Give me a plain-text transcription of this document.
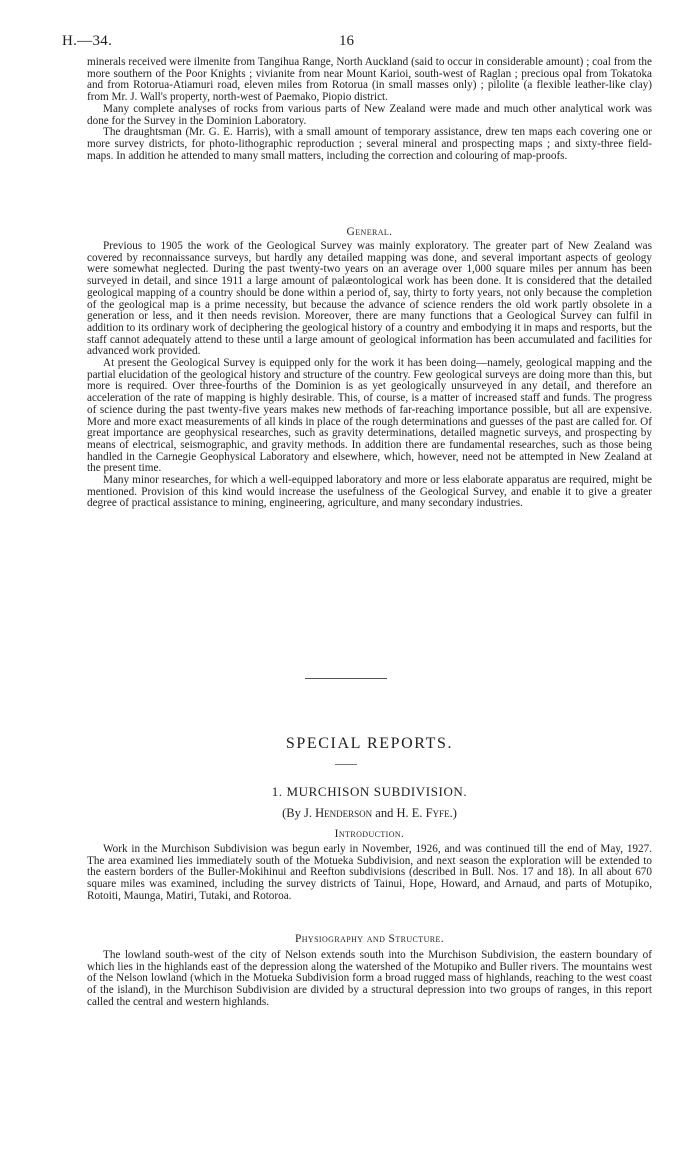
H.—34.	16

minerals received were ilmenite from Tangihua Range, North Auckland (said to occur in considerable amount) ; coal from the more southern of the Poor Knights ; vivianite from near Mount Karioi, south-west of Raglan ; precious opal from Tokatoka and from Rotorua-Atiamuri road, eleven miles from Rotorua (in small masses only) ; pilolite (a flexible leather-like clay) from Mr. J. Wall's property, north-west of Paemako, Piopio district.

Many complete analyses of rocks from various parts of New Zealand were made and much other analytical work was done for the Survey in the Dominion Laboratory.

The draughtsman (Mr. G. E. Harris), with a small amount of temporary assistance, drew ten maps each covering one or more survey districts, for photo-lithographic reproduction ; several mineral and prospecting maps ; and sixty-three field-maps. In addition he attended to many small matters, including the correction and colouring of map-proofs.

General.

Previous to 1905 the work of the Geological Survey was mainly exploratory. The greater part of New Zealand was covered by reconnaissance surveys, but hardly any detailed mapping was done, and several important aspects of geology were somewhat neglected. During the past twenty-two years on an average over 1,000 square miles per annum has been surveyed in detail, and since 1911 a large amount of palæontological work has been done. It is considered that the detailed geological mapping of a country should be done within a period of, say, thirty to forty years, not only because the completion of the geological map is a prime necessity, but because the advance of science renders the old work partly obsolete in a generation or less, and it then needs revision. Moreover, there are many functions that a Geological Survey can fulfil in addition to its ordinary work of deciphering the geological history of a country and embodying it in maps and resports, but the staff cannot adequately attend to these until a large amount of geological information has been accumulated and facilities for advanced work provided.

At present the Geological Survey is equipped only for the work it has been doing—namely, geological mapping and the partial elucidation of the geological history and structure of the country. Few geological surveys are doing more than this, but more is required. Over three-fourths of the Dominion is as yet geologically unsurveyed in any detail, and therefore an acceleration of the rate of mapping is highly desirable. This, of course, is a matter of increased staff and funds. The progress of science during the past twenty-five years makes new methods of far-reaching importance possible, but all are expensive. More and more exact measurements of all kinds in place of the rough determinations and guesses of the past are called for. Of great importance are geophysical researches, such as gravity determinations, detailed magnetic surveys, and prospecting by means of electrical, seismographic, and gravity methods. In addition there are fundamental researches, such as those being handled in the Carnegie Geophysical Laboratory and elsewhere, which, however, need not be attempted in New Zealand at the present time.

Many minor researches, for which a well-equipped laboratory and more or less elaborate apparatus are required, might be mentioned. Provision of this kind would increase the usefulness of the Geological Survey, and enable it to give a greater degree of practical assistance to mining, engineering, agriculture, and many secondary industries.

SPECIAL REPORTS.
1. MURCHISON SUBDIVISION.
(By J. Henderson and H. E. Fyfe.)
Introduction.

Work in the Murchison Subdivision was begun early in November, 1926, and was continued till the end of May, 1927. The area examined lies immediately south of the Motueka Subdivision, and next season the exploration will be extended to the eastern borders of the Buller-Mokihinui and Reefton subdivisions (described in Bull. Nos. 17 and 18). In all about 670 square miles was examined, including the survey districts of Tainui, Hope, Howard, and Arnaud, and parts of Motupiko, Rotoiti, Maunga, Matiri, Tutaki, and Rotoroa.

Physiography and Structure.

The lowland south-west of the city of Nelson extends south into the Murchison Subdivision, the eastern boundary of which lies in the highlands east of the depression along the watershed of the Motupiko and Buller rivers. The mountains west of the Nelson lowland (which in the Motueka Subdivision form a broad rugged mass of highlands, reaching to the west coast of the island), in the Murchison Subdivision are divided by a structural depression into two groups of ranges, in this report called the central and western highlands.
